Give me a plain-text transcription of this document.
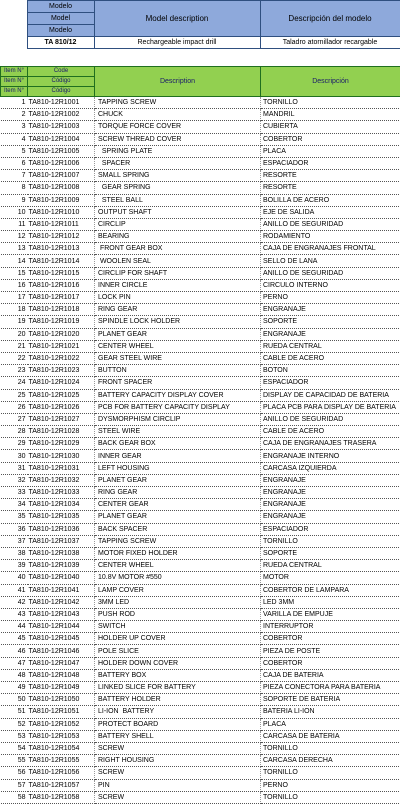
	Modelo	Model description	Descripción del modelo
	Model		
	Modelo		
	TA 810/12	Rechargeable impact drill	Taladro atornillador recargable

Item N°	Code	Description	Descripción
Item N°	Código		
Item N°	Código		
1	TA810-12R1001	TAPPING SCREW	TORNILLO
2	TA810-12R1002	CHUCK	MANDRIL
3	TA810-12R1003	TORQUE FORCE COVER	CUBIERTA
4	TA810-12R1004	SCREW THREAD COVER	COBERTOR
5	TA810-12R1005	SPRING PLATE	PLACA
6	TA810-12R1006	SPACER	ESPACIADOR
7	TA810-12R1007	SMALL SPRING	RESORTE
8	TA810-12R1008	GEAR SPRING	RESORTE
9	TA810-12R1009	STEEL BALL	BOLILLA DE ACERO
10	TA810-12R1010	OUTPUT SHAFT	EJE DE SALIDA
11	TA810-12R1011	CIRCLIP	ANILLO DE SEGURIDAD
12	TA810-12R1012	BEARING	RODAMIENTO
13	TA810-12R1013	FRONT GEAR BOX	CAJA DE ENGRANAJES FRONTAL
14	TA810-12R1014	WOOLEN SEAL	SELLO DE LANA
15	TA810-12R1015	CIRCLIP FOR SHAFT	ANILLO DE SEGURIDAD
16	TA810-12R1016	INNER CIRCLE	CIRCULO INTERNO
17	TA810-12R1017	LOCK PIN	PERNO
18	TA810-12R1018	RING GEAR	ENGRANAJE
19	TA810-12R1019	SPINDLE LOCK HOLDER	SOPORTE
20	TA810-12R1020	PLANET GEAR	ENGRANAJE
21	TA810-12R1021	CENTER WHEEL	RUEDA CENTRAL
22	TA810-12R1022	GEAR STEEL WIRE	CABLE DE ACERO
23	TA810-12R1023	BUTTON	BOTON
24	TA810-12R1024	FRONT SPACER	ESPACIADOR
25	TA810-12R1025	BATTERY CAPACITY DISPLAY COVER	DISPLAY DE CAPACIDAD DE BATERIA
26	TA810-12R1026	PCB FOR BATTERY CAPACITY DISPLAY	PLACA PCB PARA DISPLAY DE BATERIA
27	TA810-12R1027	DYSMORPHISM CIRCLIP	ANILLO DE SEGURIDAD
28	TA810-12R1028	STEEL WIRE	CABLE DE ACERO
29	TA810-12R1029	BACK GEAR BOX	CAJA DE ENGRANAJES TRASERA
30	TA810-12R1030	INNER GEAR	ENGRANAJE INTERNO
31	TA810-12R1031	LEFT HOUSING	CARCASA IZQUIERDA
32	TA810-12R1032	PLANET GEAR	ENGRANAJE
33	TA810-12R1033	RING GEAR	ENGRANAJE
34	TA810-12R1034	CENTER GEAR	ENGRANAJE
35	TA810-12R1035	PLANET GEAR	ENGRANAJE
36	TA810-12R1036	BACK SPACER	ESPACIADOR
37	TA810-12R1037	TAPPING SCREW	TORNILLO
38	TA810-12R1038	MOTOR FIXED HOLDER	SOPORTE
39	TA810-12R1039	CENTER WHEEL	RUEDA CENTRAL
40	TA810-12R1040	10.8V MOTOR #550	MOTOR
41	TA810-12R1041	LAMP COVER	COBERTOR DE LAMPARA
42	TA810-12R1042	3MM LED	LED 3MM
43	TA810-12R1043	PUSH ROD	VARILLA DE EMPUJE
44	TA810-12R1044	SWITCH	INTERRUPTOR
45	TA810-12R1045	HOLDER UP COVER	COBERTOR
46	TA810-12R1046	POLE SLICE	PIEZA DE POSTE
47	TA810-12R1047	HOLDER DOWN COVER	COBERTOR
48	TA810-12R1048	BATTERY BOX	CAJA DE BATERIA
49	TA810-12R1049	LINKED SLICE FOR BATTERY	PIEZA CONECTORA PARA BATERIA
50	TA810-12R1050	BATTERY HOLDER	SOPORTE DE BATERIA
51	TA810-12R1051	LI-ION  BATTERY	BATERIA LI-ION
52	TA810-12R1052	PROTECT BOARD	PLACA
53	TA810-12R1053	BATTERY SHELL	CARCASA DE BATERIA
54	TA810-12R1054	SCREW	TORNILLO
55	TA810-12R1055	RIGHT HOUSING	CARCASA DERECHA
56	TA810-12R1056	SCREW	TORNILLO
57	TA810-12R1057	PIN	PERNO
58	TA810-12R1058	SCREW	TORNILLO
